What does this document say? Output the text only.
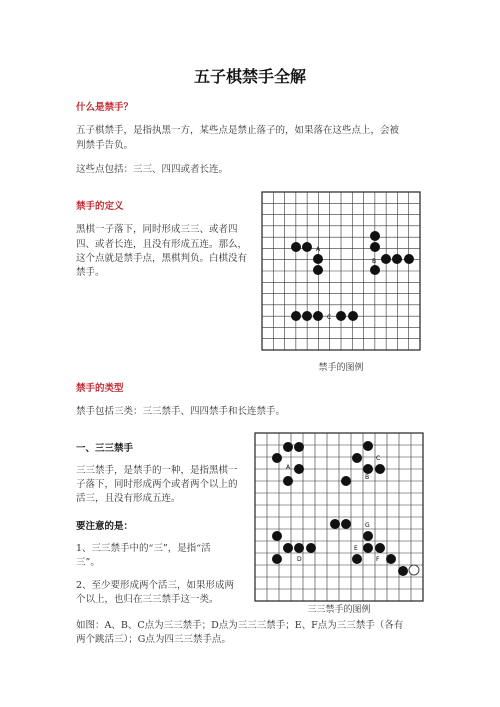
五子棋禁手全解
什么是禁手？
五子棋禁手，是指执黑一方，某些点是禁止落子的，如果落在这些点上，会被
判禁手告负。
这些点包括：三三、四四或者长连。
禁手的定义
黑棋一子落下，同时形成三三、或者四
四、或者长连，且没有形成五连。那么，
这个点就是禁手点，黑棋判负。白棋没有
禁手。
A
B
C
禁手的图例
禁手的类型
禁手包括三类：三三禁手、四四禁手和长连禁手。
一、三三禁手
三三禁手，是禁手的一种，是指黑棋一
子落下，同时形成两个或者两个以上的
活三，且没有形成五连。
要注意的是：
1、三三禁手中的“三”，是指“活
三”。
2、至少要形成两个活三，如果形成两
个以上，也归在三三禁手这一类。
A
B
C
D
E
F
G
三三禁手的图例
如图：A、B、C点为三三禁手；D点为三三三禁手；E、F点为三三禁手（各有
两个跳活三）；G点为四三三禁手点。
